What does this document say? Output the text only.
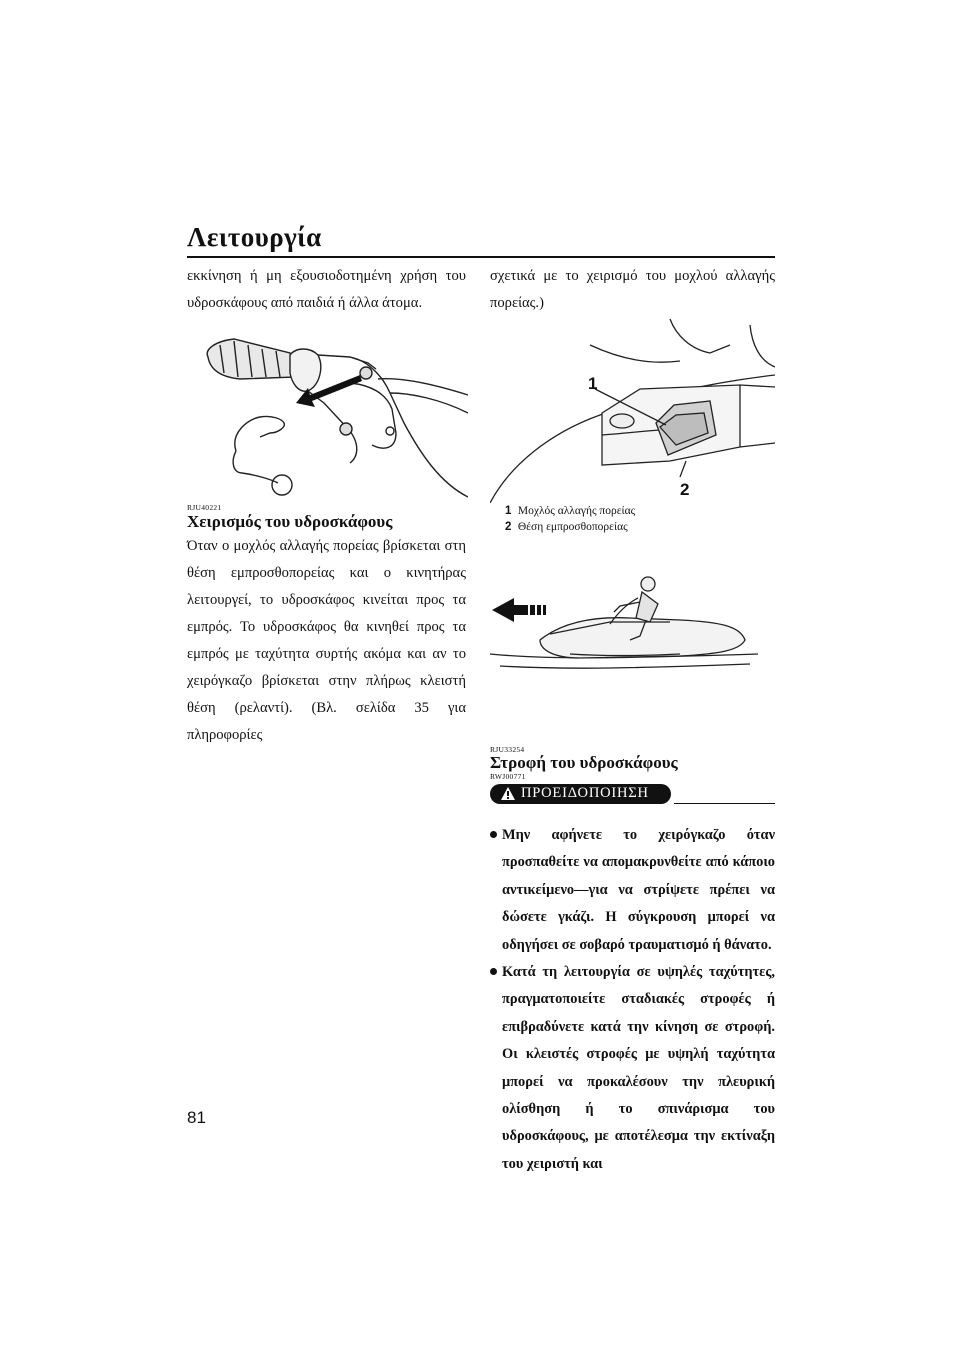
Λειτουργία
εκκίνηση ή μη εξουσιοδοτημένη χρήση του υδροσκάφους από παιδιά ή άλλα άτομα.
RJU40221
Χειρισμός του υδροσκάφους
Όταν ο μοχλός αλλαγής πορείας βρίσκεται στη θέση εμπροσθοπορείας και ο κινητήρας λειτουργεί, το υδροσκάφος κινείται προς τα εμπρός. Το υδροσκάφος θα κινηθεί προς τα εμπρός με ταχύτητα συρτής ακόμα και αν το χειρόγκαζο βρίσκεται στην πλήρως κλειστή θέση (ρελαντί). (Βλ. σελίδα 35 για πληροφορίες
σχετικά με το χειρισμό του μοχλού αλλαγής πορείας.)
1
2
1 Μοχλός αλλαγής πορείας
2 Θέση εμπροσθοπορείας
RJU33254
Στροφή του υδροσκάφους
RWJ00771
ΠΡΟΕΙΔΟΠΟΙΗΣΗ
Μην αφήνετε το χειρόγκαζο όταν προσπαθείτε να απομακρυνθείτε από κάποιο αντικείμενο—για να στρίψετε πρέπει να δώσετε γκάζι. Η σύγκρουση μπορεί να οδηγήσει σε σοβαρό τραυματισμό ή θάνατο.
Κατά τη λειτουργία σε υψηλές ταχύτητες, πραγματοποιείτε σταδιακές στροφές ή επιβραδύνετε κατά την κίνηση σε στροφή. Οι κλειστές στροφές με υψηλή ταχύτητα μπορεί να προκαλέσουν την πλευρική ολίσθηση ή το σπινάρισμα του υδροσκάφους, με αποτέλεσμα την εκτίναξη του χειριστή και
81
